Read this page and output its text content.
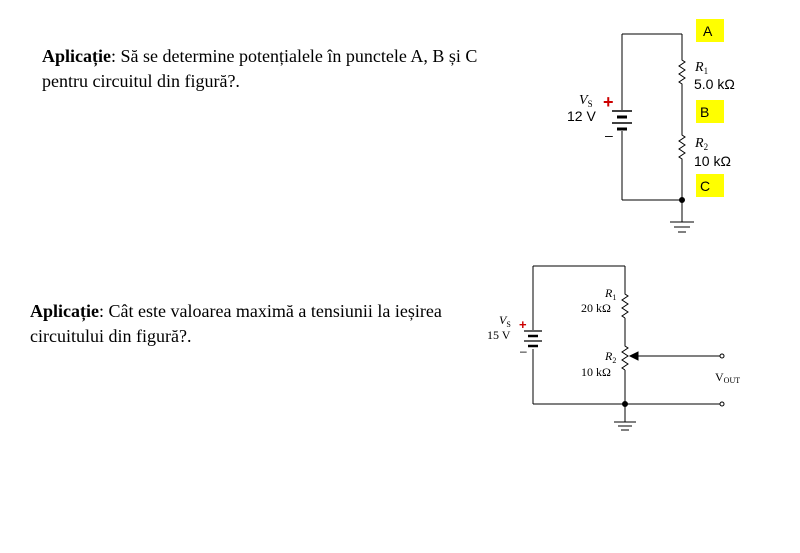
Aplicație: Să se determine potențialele în punctele A, B și C pentru circuitul din figură?.
Aplicație: Cât este valoarea maximă a tensiunii la ieșirea circuitului din figură?.
A
B
C
$V_S$
12 V
+
–
$R_1$
5.0 kΩ
$R_2$
10 kΩ
$V_S$
15 V
+
–
$R_1$
20 kΩ
$R_2$
10 kΩ	VOUT
